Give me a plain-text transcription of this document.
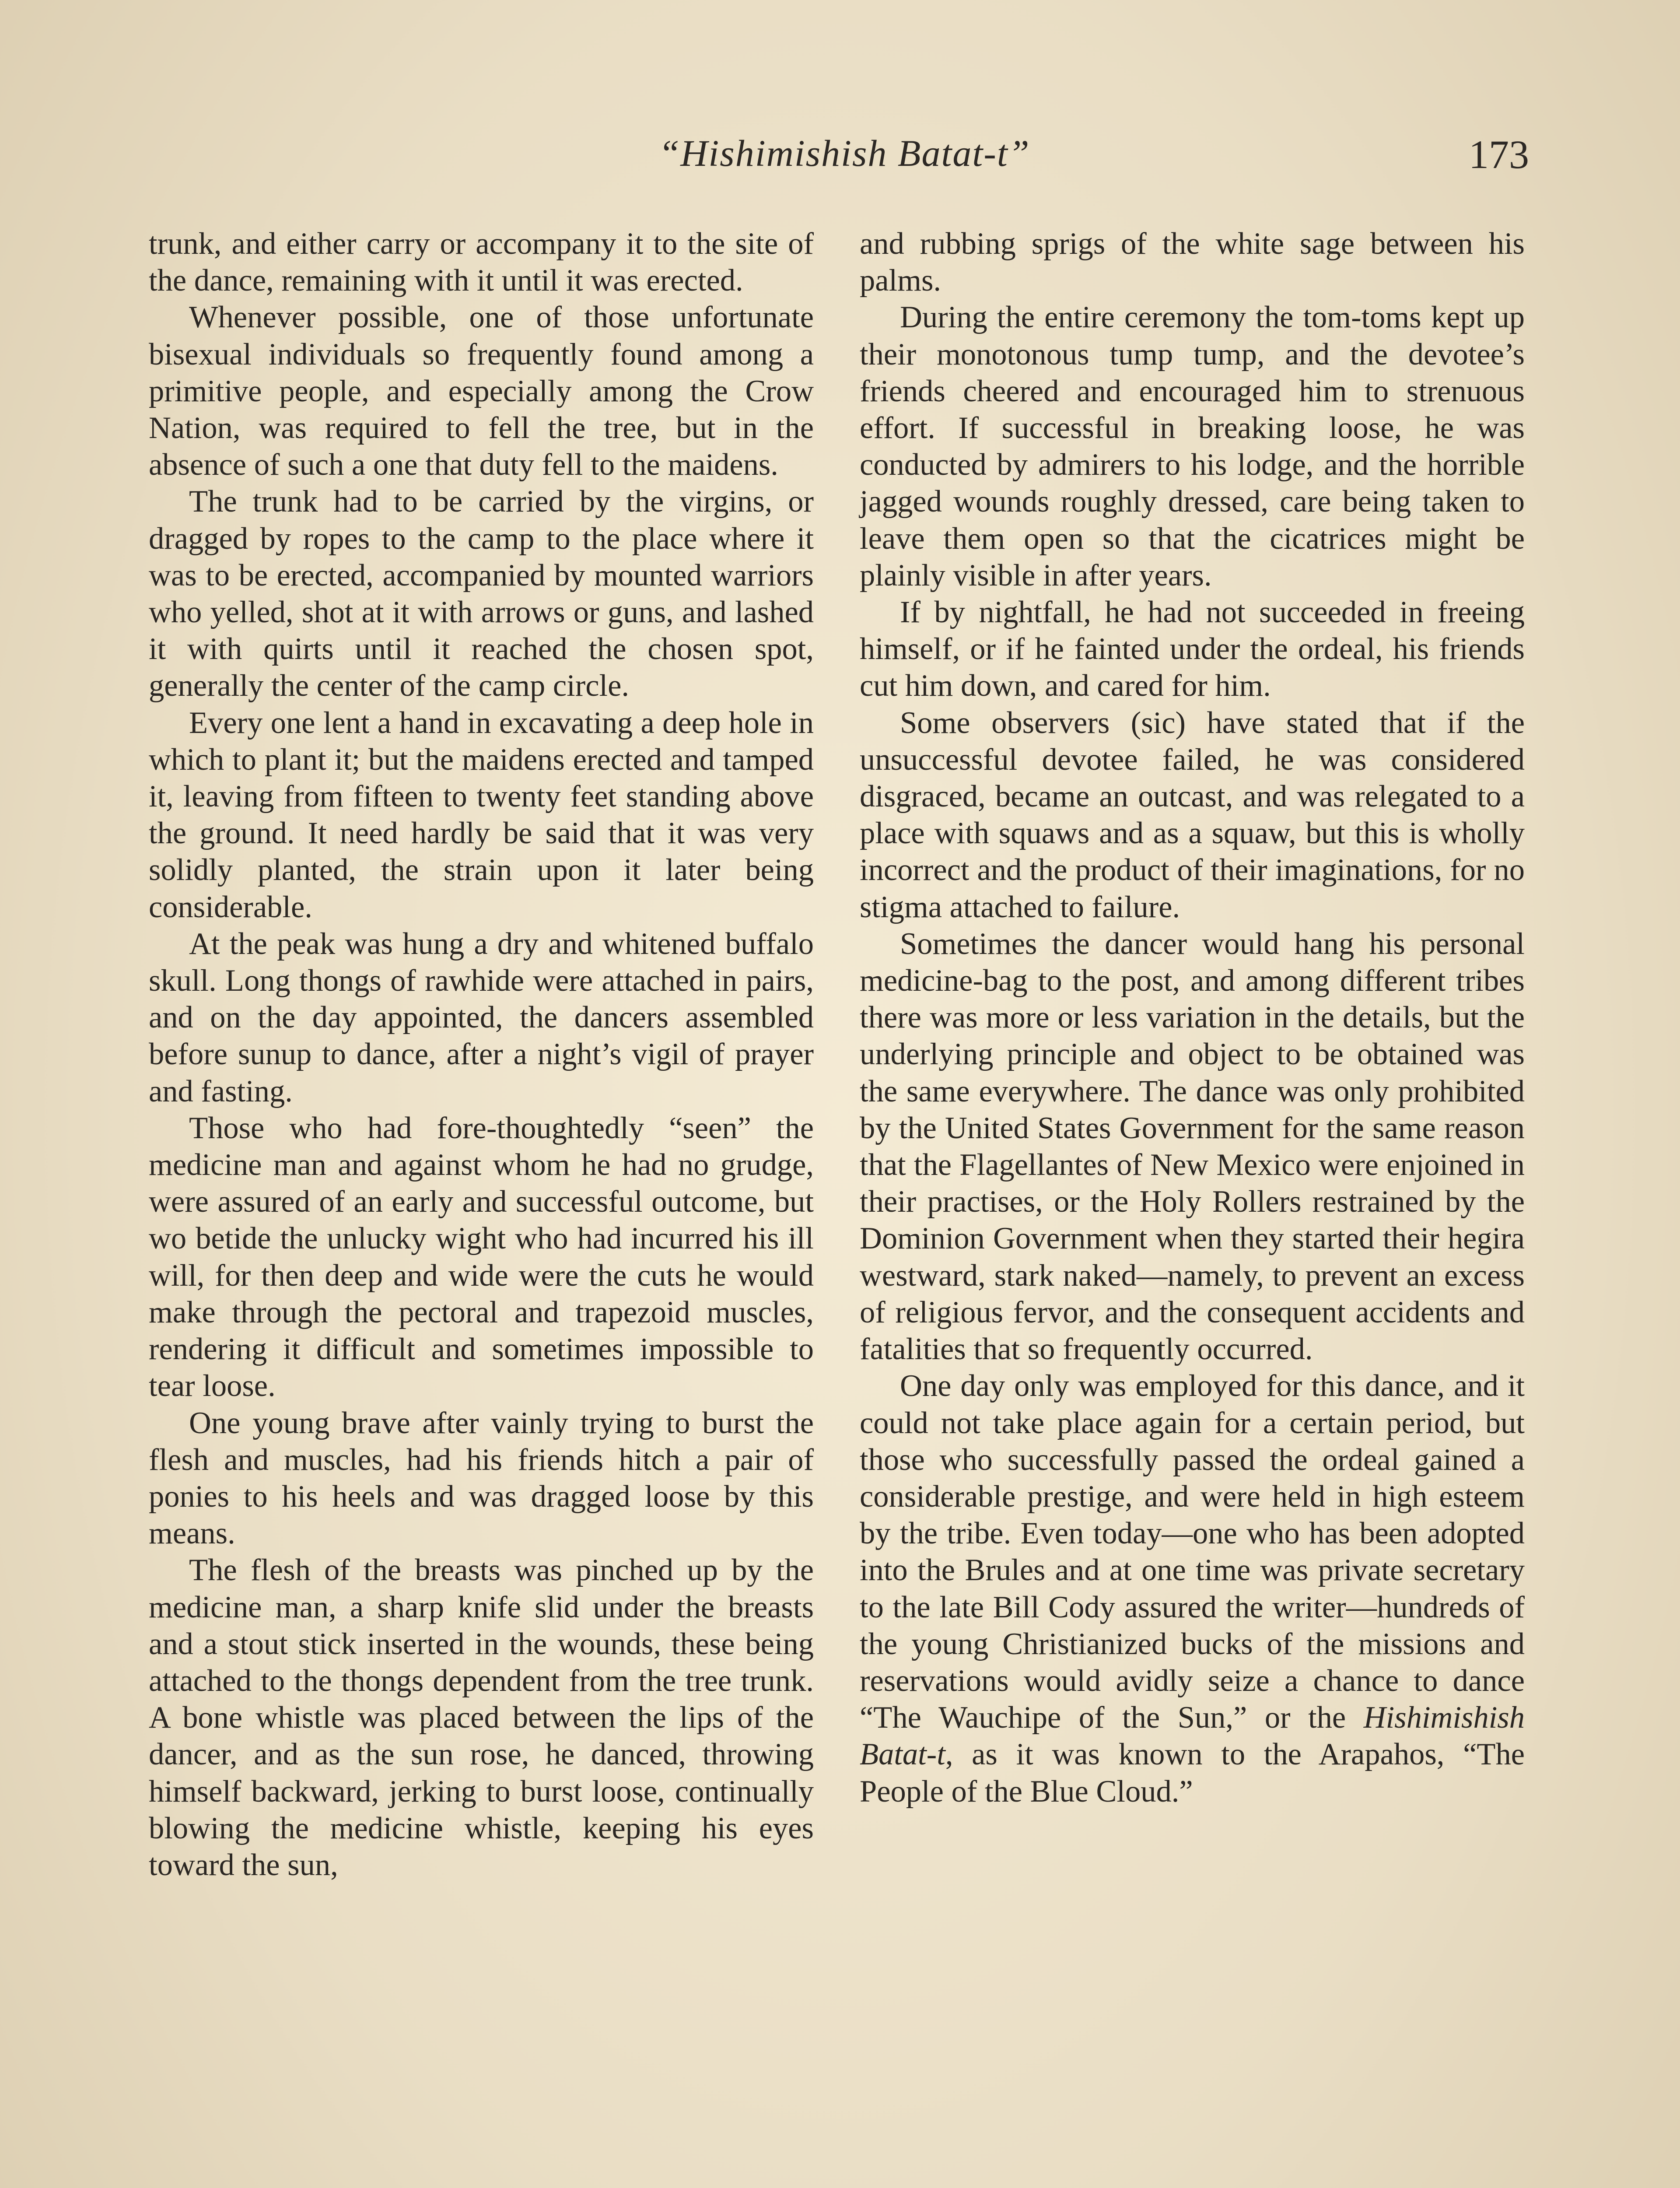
“Hishimishish Batat-t”	173

trunk, and either carry or accompany it to the site of the dance, remaining with it until it was erected.

Whenever possible, one of those unfortunate bisexual individuals so frequently found among a primitive people, and especially among the Crow Nation, was required to fell the tree, but in the absence of such a one that duty fell to the maidens.

The trunk had to be carried by the virgins, or dragged by ropes to the camp to the place where it was to be erected, accompanied by mounted warriors who yelled, shot at it with arrows or guns, and lashed it with quirts until it reached the chosen spot, generally the center of the camp circle.

Every one lent a hand in excavating a deep hole in which to plant it; but the maidens erected and tamped it, leaving from fifteen to twenty feet standing above the ground. It need hardly be said that it was very solidly planted, the strain upon it later being considerable.

At the peak was hung a dry and whitened buffalo skull. Long thongs of rawhide were attached in pairs, and on the day appointed, the dancers assembled before sunup to dance, after a night’s vigil of prayer and fasting.

Those who had fore-thoughtedly “seen” the medicine man and against whom he had no grudge, were assured of an early and successful outcome, but wo betide the unlucky wight who had incurred his ill will, for then deep and wide were the cuts he would make through the pectoral and trapezoid muscles, rendering it difficult and sometimes impossible to tear loose.

One young brave after vainly trying to burst the flesh and muscles, had his friends hitch a pair of ponies to his heels and was dragged loose by this means.

The flesh of the breasts was pinched up by the medicine man, a sharp knife slid under the breasts and a stout stick inserted in the wounds, these being attached to the thongs dependent from the tree trunk. A bone whistle was placed between the lips of the dancer, and as the sun rose, he danced, throwing himself backward, jerking to burst loose, continually blowing the medicine whistle, keeping his eyes toward the sun,

and rubbing sprigs of the white sage between his palms.

During the entire ceremony the tom-toms kept up their monotonous tump tump, and the devotee’s friends cheered and encouraged him to strenuous effort. If successful in breaking loose, he was conducted by admirers to his lodge, and the horrible jagged wounds roughly dressed, care being taken to leave them open so that the cicatrices might be plainly visible in after years.

If by nightfall, he had not succeeded in freeing himself, or if he fainted under the ordeal, his friends cut him down, and cared for him.

Some observers (sic) have stated that if the unsuccessful devotee failed, he was considered disgraced, became an outcast, and was relegated to a place with squaws and as a squaw, but this is wholly incorrect and the product of their imaginations, for no stigma attached to failure.

Sometimes the dancer would hang his personal medicine-bag to the post, and among different tribes there was more or less variation in the details, but the underlying principle and object to be obtained was the same everywhere. The dance was only prohibited by the United States Government for the same reason that the Flagellantes of New Mexico were enjoined in their practises, or the Holy Rollers restrained by the Dominion Government when they started their hegira westward, stark naked—namely, to prevent an excess of religious fervor, and the consequent accidents and fatalities that so frequently occurred.

One day only was employed for this dance, and it could not take place again for a certain period, but those who successfully passed the ordeal gained a considerable prestige, and were held in high esteem by the tribe. Even today—one who has been adopted into the Brules and at one time was private secretary to the late Bill Cody assured the writer—hundreds of the young Christianized bucks of the missions and reservations would avidly seize a chance to dance “The Wauchipe of the Sun,” or the Hishimishish Batat-t, as it was known to the Arapahos, “The People of the Blue Cloud.”
